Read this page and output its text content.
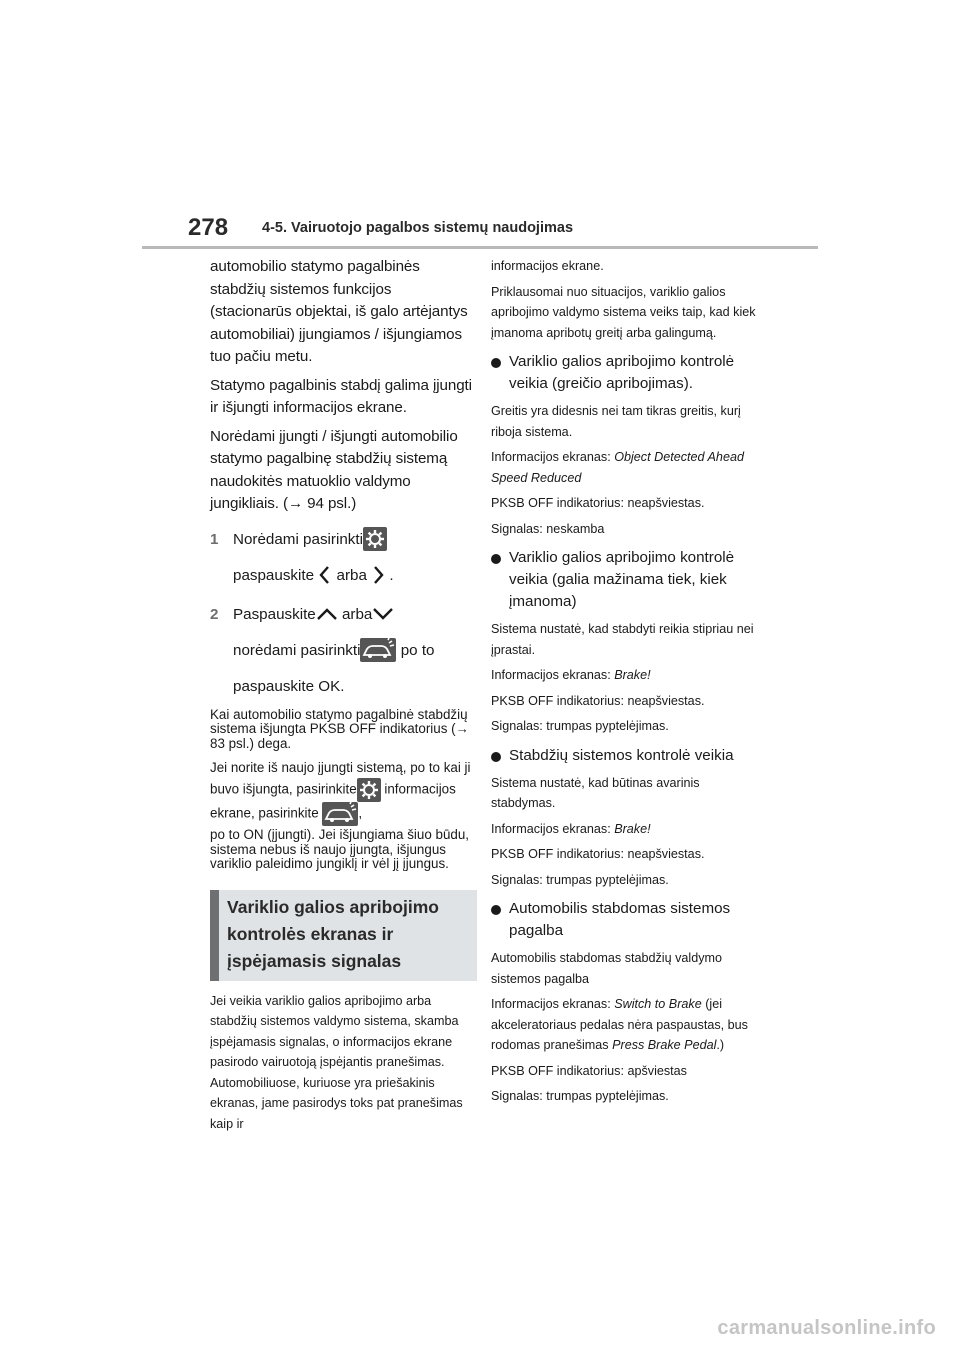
278 4-5. Vairuotojo pagalbos sistemų naudojimas

automobilio statymo pagalbinės stabdžių sistemos funkcijos (stacionarūs objektai, iš galo artėjantys automobiliai) įjungiamos / išjungiamos tuo pačiu metu.

Statymo pagalbinis stabdį galima įjungti ir išjungti informacijos ekrane.

Norėdami įjungti / išjungti automobilio statymo pagalbinę stabdžių sistemą naudokitės matuoklio valdymo jungikliais. (→ 94 psl.)

1 Norėdami pasirinkti

paspauskite arba .
2 Paspauskite arba
norėdami pasirinkti	po to
paspauskite OK.

Kai automobilio statymo pagalbinė stabdžių sistema išjungta PKSB OFF indikatorius (→ 83 psl.) dega.

Jei norite iš naujo įjungti sistemą, po to kai ji buvo išjungta, pasirinkite informacijos ekrane, pasirinkite	,

po to ON (įjungti). Jei išjungiama šiuo būdu, sistema nebus iš naujo įjungta, išjungus variklio paleidimo jungiklį ir vėl jį įjungus.

Variklio galios apribojimo kontrolės ekranas ir įspėjamasis signalas

Jei veikia variklio galios apribojimo arba stabdžių sistemos valdymo sistema, skamba įspėjamasis signalas, o informacijos ekrane pasirodo vairuotoją įspėjantis pranešimas. Automobiliuose, kuriuose yra priešakinis ekranas, jame pasirodys toks pat pranešimas kaip ir

informacijos ekrane.

Priklausomai nuo situacijos, variklio galios apribojimo valdymo sistema veiks taip, kad kiek įmanoma apribotų greitį arba galingumą.

Variklio galios apribojimo kontrolė veikia (greičio apribojimas).

Greitis yra didesnis nei tam tikras greitis, kurį riboja sistema.

Informacijos ekranas: Object Detected Ahead Speed Reduced

PKSB OFF indikatorius: neapšviestas.

Signalas: neskamba

Variklio galios apribojimo kontrolė veikia (galia mažinama tiek, kiek įmanoma)

Sistema nustatė, kad stabdyti reikia stipriau nei įprastai.

Informacijos ekranas: Brake!

PKSB OFF indikatorius: neapšviestas.

Signalas: trumpas pyptelėjimas.

Stabdžių sistemos kontrolė veikia

Sistema nustatė, kad būtinas avarinis stabdymas.

Informacijos ekranas: Brake!

PKSB OFF indikatorius: neapšviestas.

Signalas: trumpas pyptelėjimas.

Automobilis stabdomas sistemos pagalba

Automobilis stabdomas stabdžių valdymo sistemos pagalba

Informacijos ekranas: Switch to Brake (jei akceleratoriaus pedalas nėra paspaustas, bus rodomas pranešimas Press Brake Pedal.)

PKSB OFF indikatorius: apšviestas

Signalas: trumpas pyptelėjimas.

carmanualsonline.info
